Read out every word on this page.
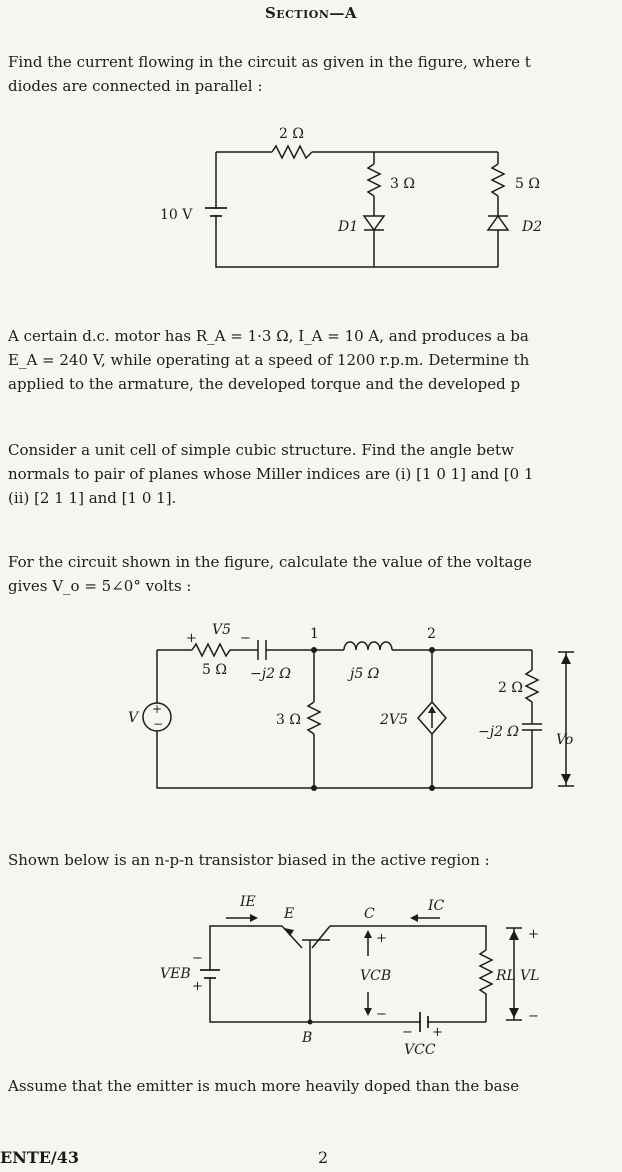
Section—A
Find the current flowing in the circuit as given in the figure, where t
diodes are connected in parallel :
2 Ω
3 Ω	5 Ω
10 V
D1	D2
A certain d.c. motor has R_A = 1·3 Ω, I_A = 10 A, and produces a ba
E_A = 240 V, while operating at a speed of 1200 r.p.m. Determine th
applied to the armature, the developed torque and the developed p
Consider a unit cell of simple cubic structure. Find the angle betw
normals to pair of planes whose Miller indices are (i) [1 0 1] and [0 1
(ii) [2 1 1] and [1 0 1].
For the circuit shown in the figure, calculate the value of the voltage
gives V_o = 5∠0° volts :
+
−
+
V5
−
5 Ω −j2 Ω
1	2
j5 Ω
3 Ω	2V5
2 Ω
−j2 Ω
V
Vo
Shown below is an n-p-n transistor biased in the active region :
IE
E	C	IC
VEB
−
+
+
VCB
−
RL VL
+
−
B	− +
VCC
Assume that the emitter is much more heavily doped than the base
ENTE/43	2
